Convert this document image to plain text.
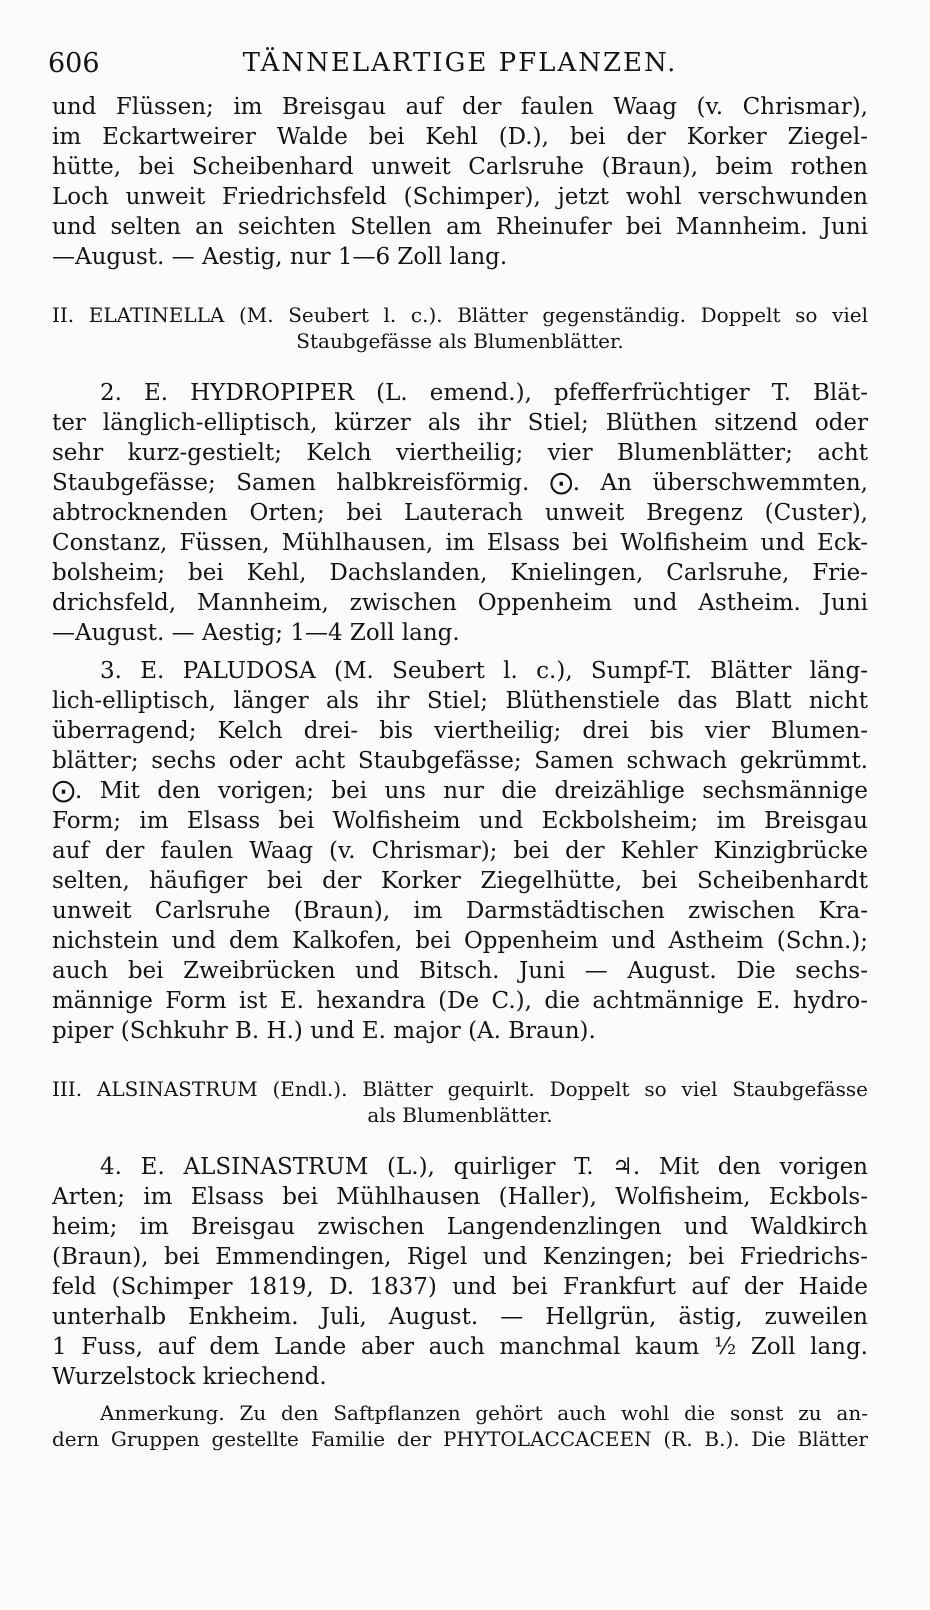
606	TÄNNELARTIGE PFLANZEN.
und Flüssen; im Breisgau auf der faulen Waag (v. Chrismar),
im Eckartweirer Walde bei Kehl (D.), bei der Korker Ziegel-
hütte, bei Scheibenhard unweit Carlsruhe (Braun), beim rothen
Loch unweit Friedrichsfeld (Schimper), jetzt wohl verschwunden
und selten an seichten Stellen am Rheinufer bei Mannheim. Juni
—August. — Aestig, nur 1—6 Zoll lang.
II. ELATINELLA (M. Seubert l. c.). Blätter gegenständig. Doppelt so viel
Staubgefässe als Blumenblätter.
2. E. HYDROPIPER (L. emend.), pfefferfrüchtiger T. Blät-
ter länglich-elliptisch, kürzer als ihr Stiel; Blüthen sitzend oder
sehr kurz-gestielt; Kelch viertheilig; vier Blumenblätter; acht
Staubgefässe; Samen halbkreisförmig. ⨀. An überschwemmten,
abtrocknenden Orten; bei Lauterach unweit Bregenz (Custer),
Constanz, Füssen, Mühlhausen, im Elsass bei Wolfisheim und Eck-
bolsheim; bei Kehl, Dachslanden, Knielingen, Carlsruhe, Frie-
drichsfeld, Mannheim, zwischen Oppenheim und Astheim. Juni
—August. — Aestig; 1—4 Zoll lang.
3. E. PALUDOSA (M. Seubert l. c.), Sumpf-T. Blätter läng-
lich-elliptisch, länger als ihr Stiel; Blüthenstiele das Blatt nicht
überragend; Kelch drei- bis viertheilig; drei bis vier Blumen-
blätter; sechs oder acht Staubgefässe; Samen schwach gekrümmt.
⨀. Mit den vorigen; bei uns nur die dreizählige sechsmännige
Form; im Elsass bei Wolfisheim und Eckbolsheim; im Breisgau
auf der faulen Waag (v. Chrismar); bei der Kehler Kinzigbrücke
selten, häufiger bei der Korker Ziegelhütte, bei Scheibenhardt
unweit Carlsruhe (Braun), im Darmstädtischen zwischen Kra-
nichstein und dem Kalkofen, bei Oppenheim und Astheim (Schn.);
auch bei Zweibrücken und Bitsch. Juni — August. Die sechs-
männige Form ist E. hexandra (De C.), die achtmännige E. hydro-
piper (Schkuhr B. H.) und E. major (A. Braun).
III. ALSINASTRUM (Endl.). Blätter gequirlt. Doppelt so viel Staubgefässe
als Blumenblätter.
4. E. ALSINASTRUM (L.), quirliger T. ♃. Mit den vorigen
Arten; im Elsass bei Mühlhausen (Haller), Wolfisheim, Eckbols-
heim; im Breisgau zwischen Langendenzlingen und Waldkirch
(Braun), bei Emmendingen, Rigel und Kenzingen; bei Friedrichs-
feld (Schimper 1819, D. 1837) und bei Frankfurt auf der Haide
unterhalb Enkheim. Juli, August. — Hellgrün, ästig, zuweilen
1 Fuss, auf dem Lande aber auch manchmal kaum ½ Zoll lang.
Wurzelstock kriechend.
Anmerkung. Zu den Saftpflanzen gehört auch wohl die sonst zu an-
dern Gruppen gestellte Familie der PHYTOLACCACEEN (R. B.). Die Blätter
